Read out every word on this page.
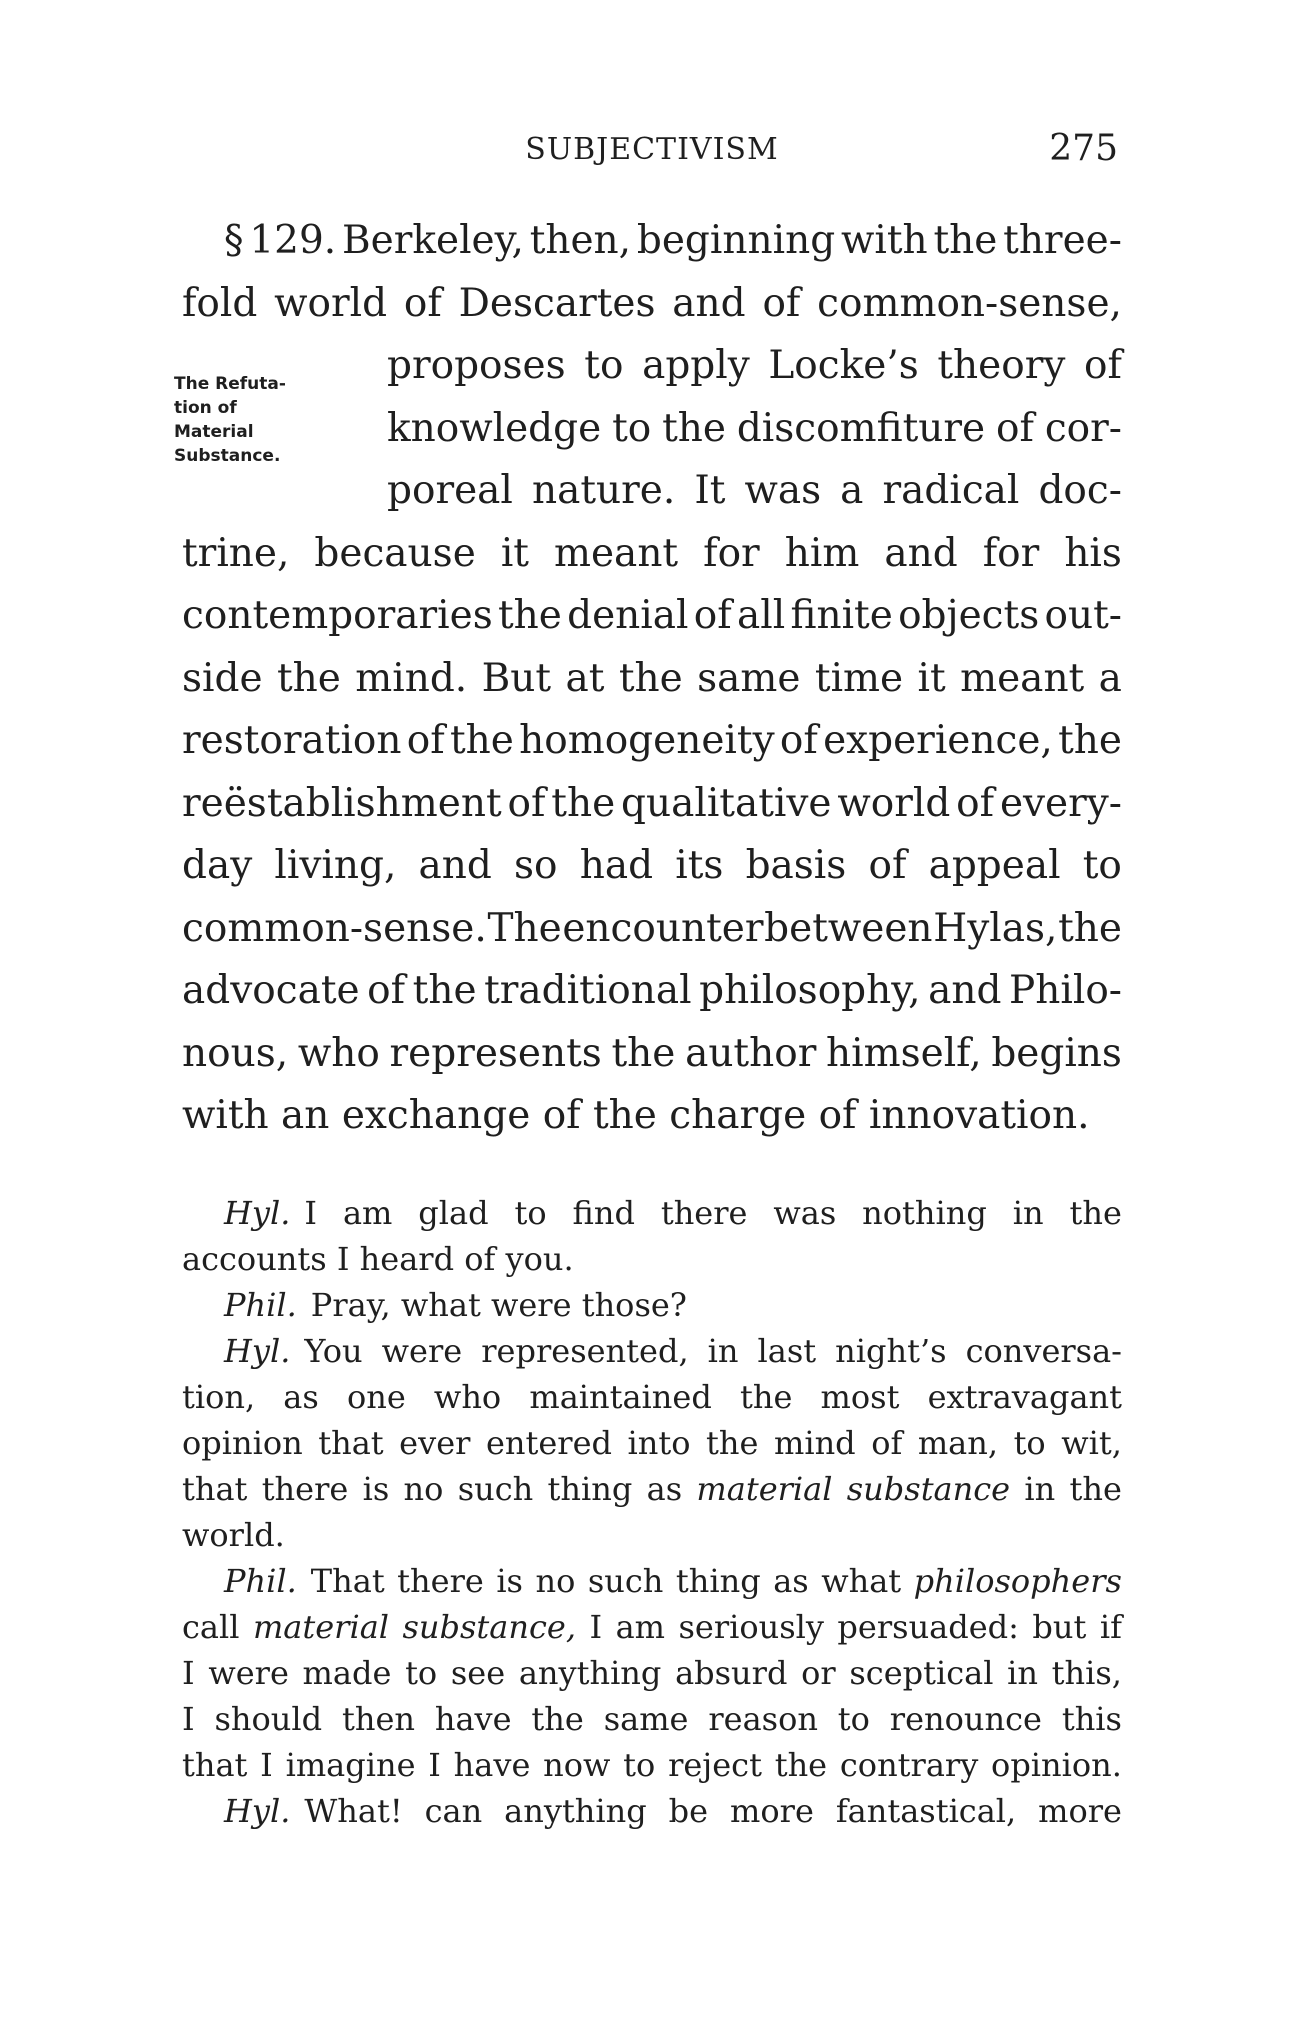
SUBJECTIVISM	275
The Refuta-
tion of
Material
Substance.
§ 129. Berkeley, then, beginning with the three-
fold world of Descartes and of common-sense,
proposes to apply Locke’s theory of
knowledge to the discomfiture of cor-
poreal nature. It was a radical doc-
trine, because it meant for him and for his
contemporaries the denial of all finite objects out-
side the mind. But at the same time it meant a
restoration of the homogeneity of experience, the
reëstablishment of the qualitative world of every-
day living, and so had its basis of appeal to
common-sense. The encounter between Hylas, the
advocate of the traditional philosophy, and Philo-
nous, who represents the author himself, begins
with an exchange of the charge of innovation.
Hyl. I am glad to find there was nothing in the
accounts I heard of you.
Phil. Pray, what were those?
Hyl. You were represented, in last night’s conversa-
tion, as one who maintained the most extravagant
opinion that ever entered into the mind of man, to wit,
that there is no such thing as material substance in the
world.
Phil. That there is no such thing as what philosophers
call material substance, I am seriously persuaded: but if
I were made to see anything absurd or sceptical in this,
I should then have the same reason to renounce this
that I imagine I have now to reject the contrary opinion.
Hyl. What! can anything be more fantastical, more
